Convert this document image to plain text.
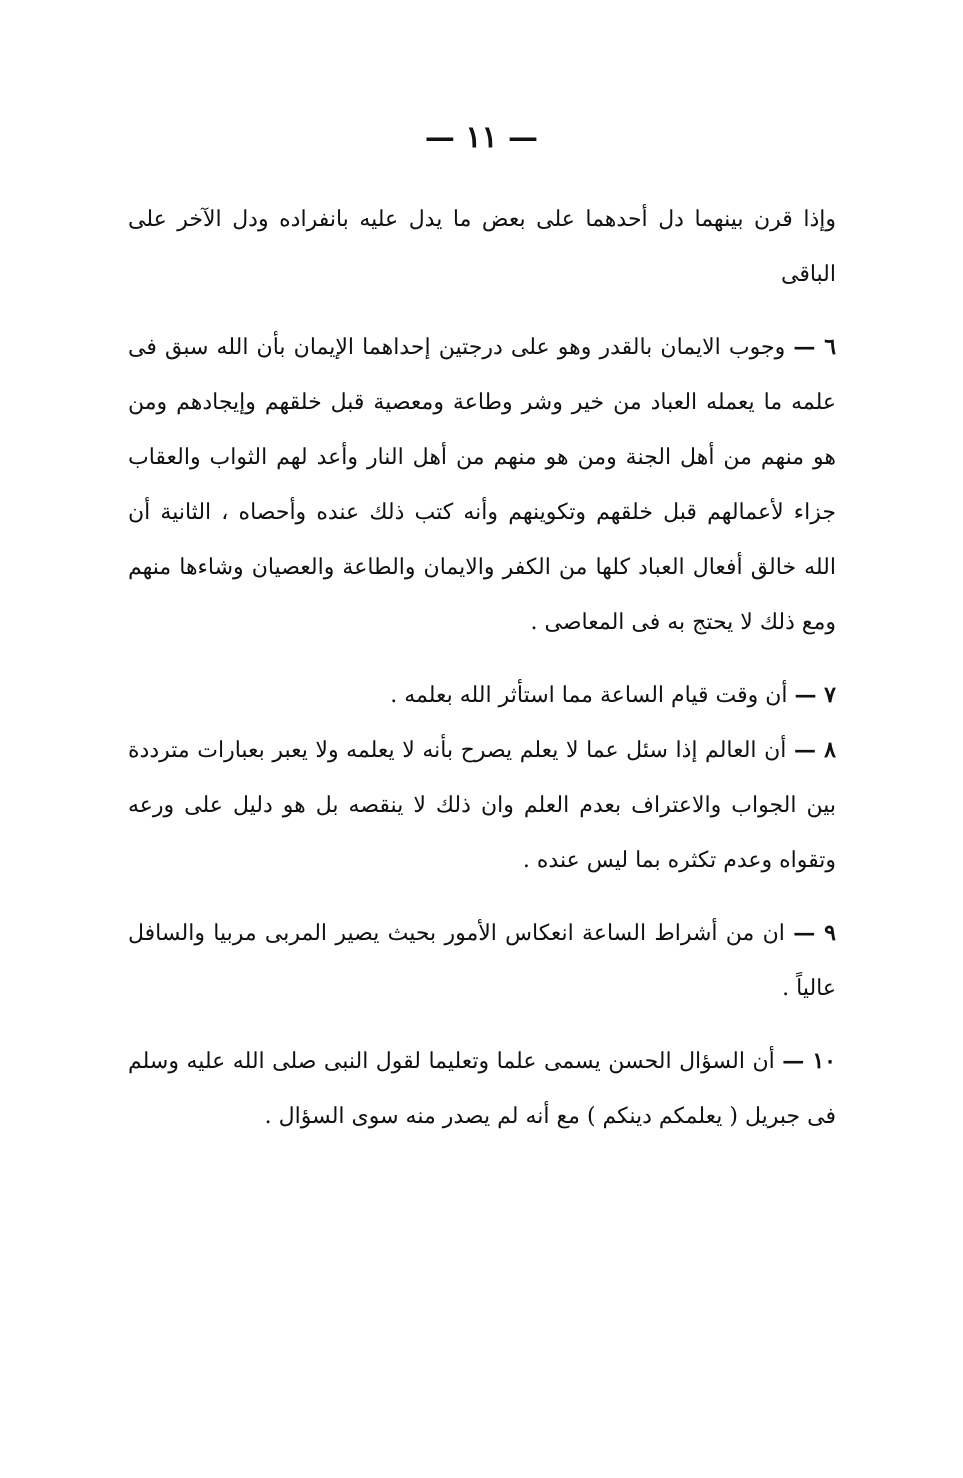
— ١١ —

وإذا قرن بينهما دل أحدهما على بعض ما يدل عليه بانفراده ودل الآخر على الباقى

٦ — وجوب الايمان بالقدر وهو على درجتين إحداهما الإيمان بأن الله سبق فى علمه ما يعمله العباد من خير وشر وطاعة ومعصية قبل خلقهم وإيجادهم ومن هو منهم من أهل الجنة ومن هو منهم من أهل النار وأعد لهم الثواب والعقاب جزاء لأعمالهم قبل خلقهم وتكوينهم وأنه كتب ذلك عنده وأحصاه ، الثانية أن الله خالق أفعال العباد كلها من الكفر والايمان والطاعة والعصيان وشاءها منهم ومع ذلك لا يحتج به فى المعاصى .

٧ — أن وقت قيام الساعة مما استأثر الله بعلمه .

٨ — أن العالم إذا سئل عما لا يعلم يصرح بأنه لا يعلمه ولا يعبر بعبارات مترددة بين الجواب والاعتراف بعدم العلم وان ذلك لا ينقصه بل هو دليل على ورعه وتقواه وعدم تكثره بما ليس عنده .

٩ — ان من أشراط الساعة انعكاس الأمور بحيث يصير المربى مربيا والسافل عالياً .

١٠ — أن السؤال الحسن يسمى علما وتعليما لقول النبى صلى الله عليه وسلم فى جبريل ( يعلمكم دينكم ) مع أنه لم يصدر منه سوى السؤال .
